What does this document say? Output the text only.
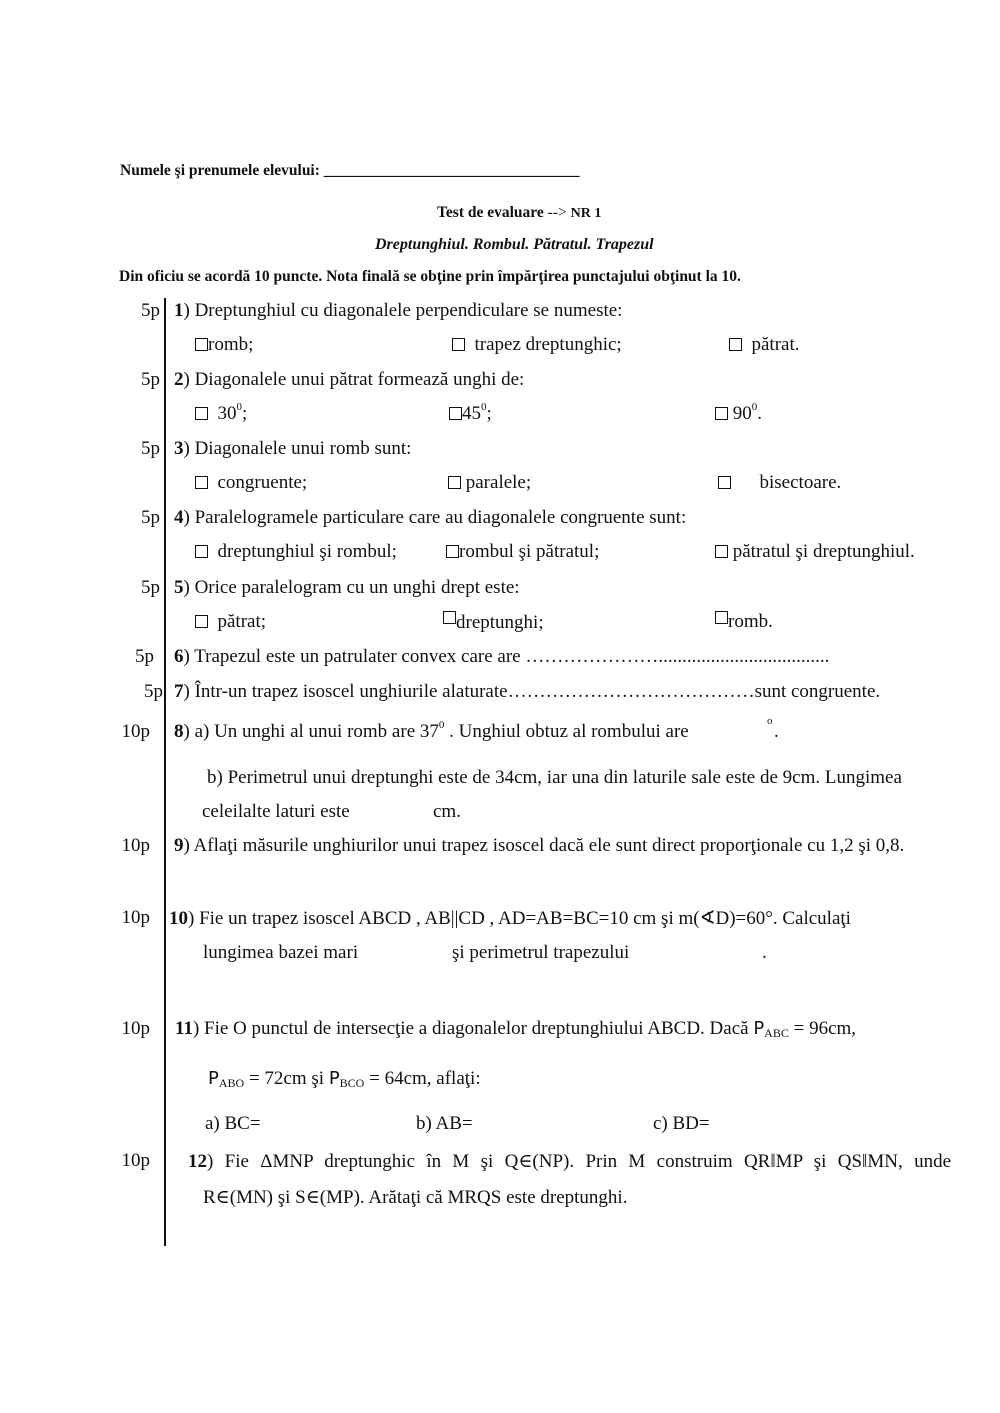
Numele şi prenumele elevului: _________________________________
Test de evaluare --> NR 1
Dreptunghiul. Rombul. Pătratul. Trapezul
Din oficiu se acordă 10 puncte. Nota finală se obţine prin împărţirea punctajului obţinut la 10.
5p 1) Dreptunghiul cu diagonalele perpendiculare se numeste:
romb;	trapez dreptunghic;	pătrat.
5p 2) Diagonalele unui pătrat formează unghi de:
$30^0$;	$45^0$;	$90^0$.
5p 3) Diagonalele unui romb sunt:
congruente;	paralele;	bisectoare.
5p 4) Paralelogramele particulare care au diagonalele congruente sunt:
dreptunghiul şi rombul;	rombul şi pătratul;	pătratul şi dreptunghiul.
5p 5) Orice paralelogram cu un unghi drept este:
pătrat;	dreptunghi;	romb.
5p 6) Trapezul este un patrulater convex care are …………………....................................
5p 7) Într-un trapez isoscel unghiurile alaturate…………………………………sunt congruente.
10p 8) a) Un unghi al unui romb are $37^0$ . Unghiul obtuz al rombului are	$^o$ .
b) Perimetrul unui dreptunghi este de 34cm, iar una din laturile sale este de 9cm. Lungimea
celeilalte laturi este	cm.
10p 9) Aflaţi măsurile unghiurilor unui trapez isoscel dacă ele sunt direct proporţionale cu 1,2 şi 0,8.
10p 10) Fie un trapez isoscel ABCD , AB||CD , AD=AB=BC=10 cm şi m(∢D)=60°. Calculaţi
lungimea bazei mari	şi perimetrul trapezului	.
10p 11) Fie O punctul de intersecţie a diagonalelor dreptunghiului ABCD. Dacă PABC = 96cm,
PABO = 72cm şi PBCO = 64cm, aflaţi:
a) BC=	b) AB=	c) BD=
10p 12) Fie ΔMNP dreptunghic în M şi Q∈(NP). Prin M construim QR‖MP şi QS‖MN, unde
R∈(MN) şi S∈(MP). Arătaţi că MRQS este dreptunghi.
